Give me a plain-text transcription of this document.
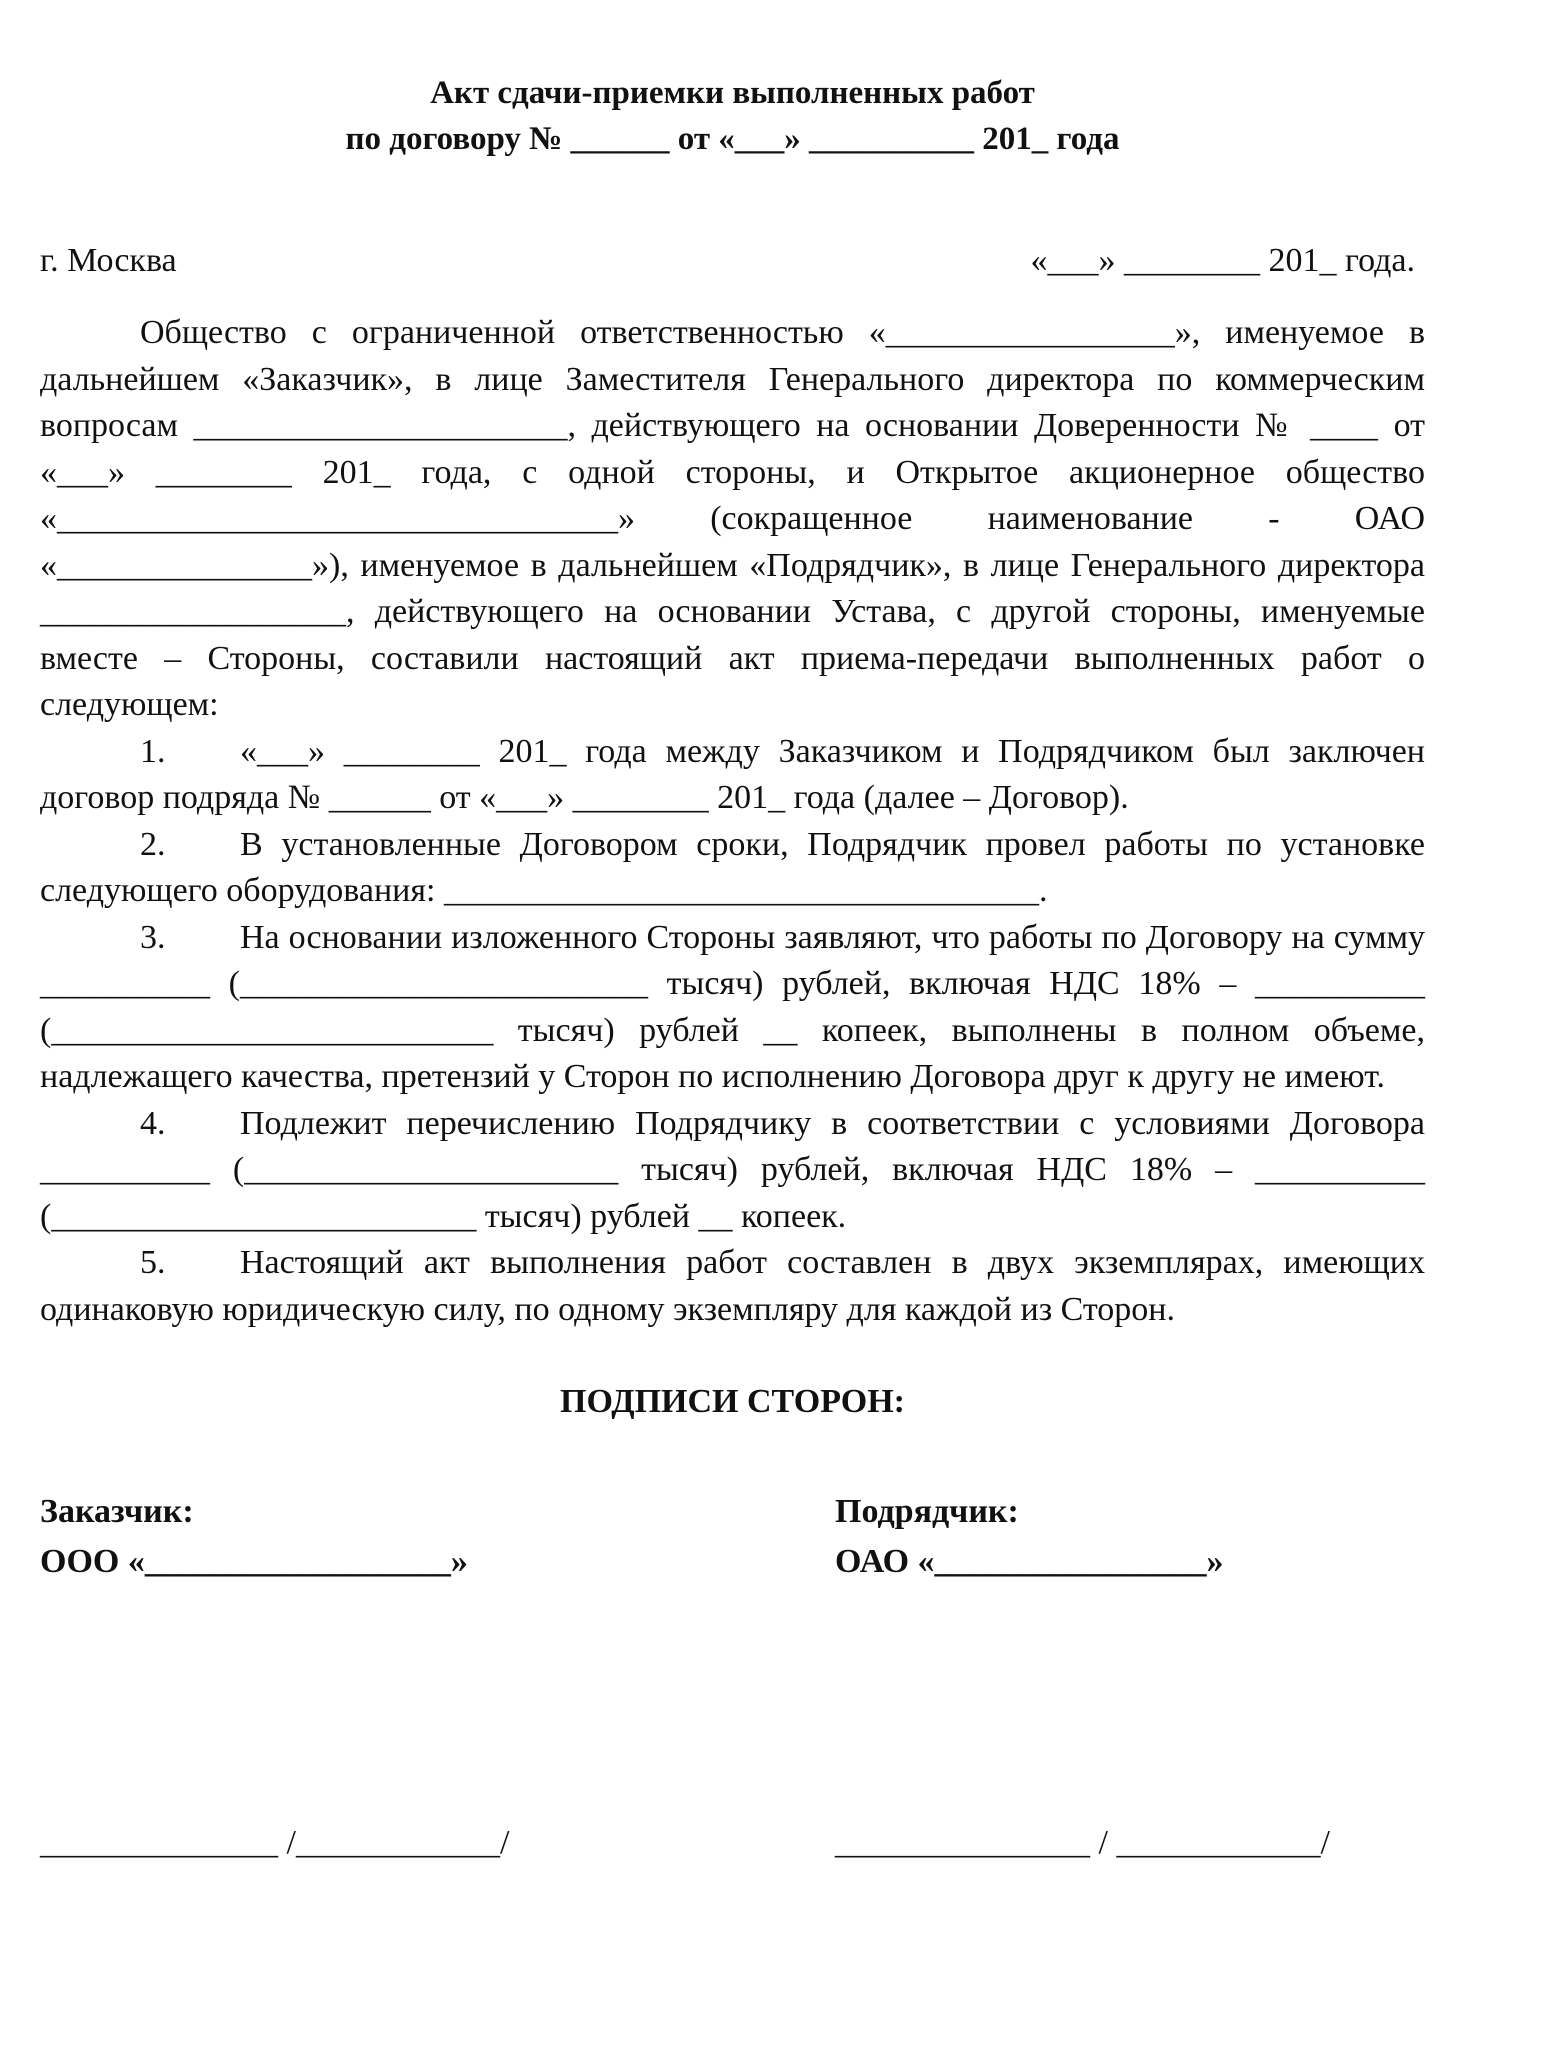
Акт сдачи-приемки выполненных работ
по договору № ______ от «___» __________ 201_ года
г. Москва	«___» ________ 201_ года.

Общество с ограниченной ответственностью «_________________», именуемое в дальнейшем «Заказчик», в лице Заместителя Генерального директора по коммерческим вопросам ______________________, действующего на основании Доверенности № ____ от «___» ________ 201_ года, с одной стороны, и Открытое акционерное общество «_________________________________» (сокращенное наименование - ОАО «_______________»), именуемое в дальнейшем «Подрядчик», в лице Генерального директора __________________, действующего на основании Устава, с другой стороны, именуемые вместе – Стороны, составили настоящий акт приема-передачи выполненных работ о следующем:

1. «___» ________ 201_ года между Заказчиком и Подрядчиком был заключен договор подряда № ______ от «___» ________ 201_ года (далее – Договор).

2. В установленные Договором сроки, Подрядчик провел работы по установке следующего оборудования: ___________________________________.

3. На основании изложенного Стороны заявляют, что работы по Договору на сумму __________ (________________________ тысяч) рублей, включая НДС 18% – __________ (__________________________ тысяч) рублей __ копеек, выполнены в полном объеме, надлежащего качества, претензий у Сторон по исполнению Договора друг к другу не имеют.

4. Подлежит перечислению Подрядчику в соответствии с условиями Договора __________ (______________________ тысяч) рублей, включая НДС 18% – __________ (_________________________ тысяч) рублей __ копеек.

5. Настоящий акт выполнения работ составлен в двух экземплярах, имеющих одинаковую юридическую силу, по одному экземпляру для каждой из Сторон.

ПОДПИСИ СТОРОН:
Заказчик:
ООО «__________________»
Подрядчик:
ОАО «________________»
______________ /____________/	_______________ / ____________/
